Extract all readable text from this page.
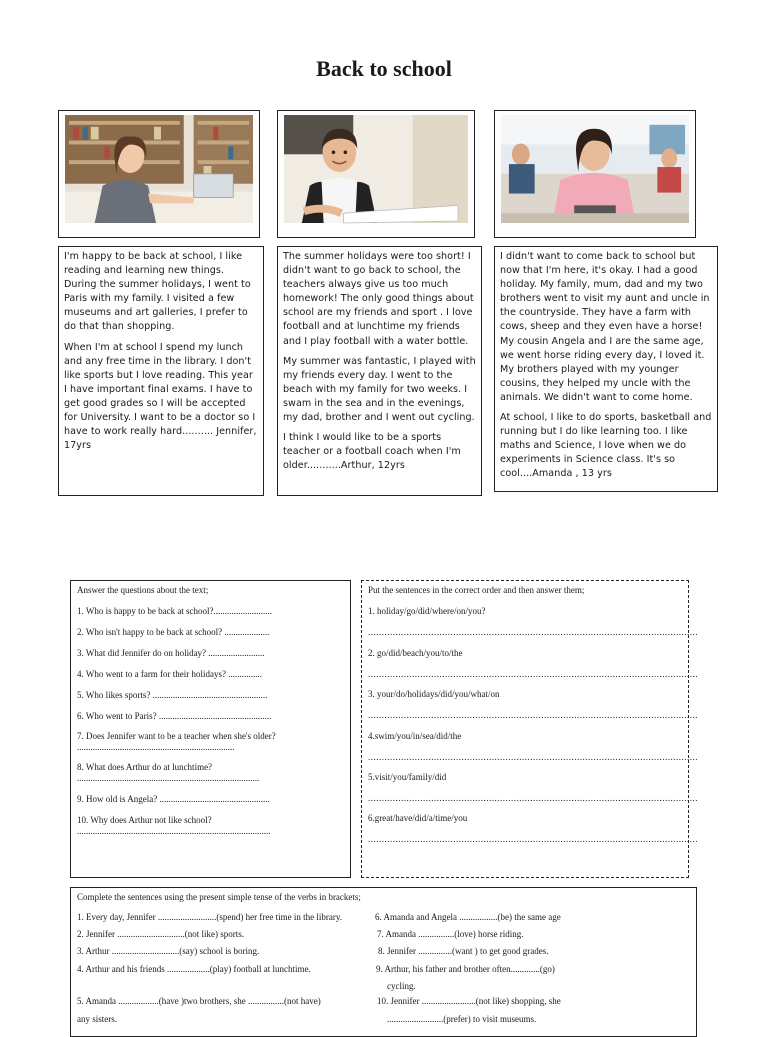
Back to school

I'm happy to be back at school, I like reading and learning new things. During the summer holidays, I went to Paris with my family. I visited a few museums and art galleries, I prefer to do that than shopping.

When I'm at school I spend my lunch and any free time in the library. I don't like sports but I love reading. This year I have important final exams. I have to get good grades so I will be accepted for University. I want to be a doctor so I have to work really hard.......... Jennifer, 17yrs

The summer holidays were too short! I didn't want to go back to school, the teachers always give us too much homework! The only good things about school are my friends and sport . I love football and at lunchtime my friends and I play football with a water bottle.

My summer was fantastic, I played with my friends every day. I went to the beach with my family for two weeks. I swam in the sea and in the evenings, my dad, brother and I went out cycling.

I think I would like to be a sports teacher or a football coach when I'm older...........Arthur, 12yrs

I didn't want to come back to school but now that I'm here, it's okay. I had a good holiday. My family, mum, dad and my two brothers went to visit my aunt and uncle in the countryside. They have a farm with cows, sheep and they even have a horse! My cousin Angela and I are the same age, we went horse riding every day, I loved it. My brothers played with my younger cousins, they helped my uncle with the animals. We didn't want to come home.

At school, I like to do sports, basketball and running but I do like learning too. I like maths and Science, I love when we do experiments in Science class. It's so cool....Amanda , 13 yrs

Answer the questions about the text;
1. Who is happy to be back at school?..........................
2. Who isn't happy to be back at school? ....................
3. What did Jennifer do on holiday? .........................
4. Who went to a farm for their holidays? ...............
5. Who likes sports? ...................................................
6. Who went to Paris? ..................................................
7. Does Jennifer want to be a teacher when she's older? ......................................................................
8. What does Arthur do at lunchtime? .................................................................................
9. How old is Angela? .................................................
10. Why does Arthur not like school? ......................................................................................
Put the sentences in the correct order and then answer them;
1. holiday/go/did/where/on/you?
........................................................................................................................
2. go/did/beach/you/to/the
........................................................................................................................
3. your/do/holidays/did/you/what/on
........................................................................................................................
4.swim/you/in/sea/did/the
........................................................................................................................
5.visit/you/family/did
........................................................................................................................
6.great/have/did/a/time/you
........................................................................................................................
Complete the sentences using the present simple tense of the verbs in brackets;
1. Every day, Jennifer ..........................(spend) her free time in the library.
2. Jennifer ..............................(not like) sports.
3. Arthur ..............................(say) school is boring.
4. Arthur and his friends ...................(play) football at lunchtime.
5. Amanda ..................(have )two brothers, she ................(not have)
any sisters.
6. Amanda and Angela .................(be) the same age
7. Amanda ................(love) horse riding.
8. Jennifer ...............(want ) to get good grades.
9. Arthur, his father and brother often.............(go)
cycling.
10. Jennifer ........................(not like) shopping, she
.........................(prefer) to visit museums.
